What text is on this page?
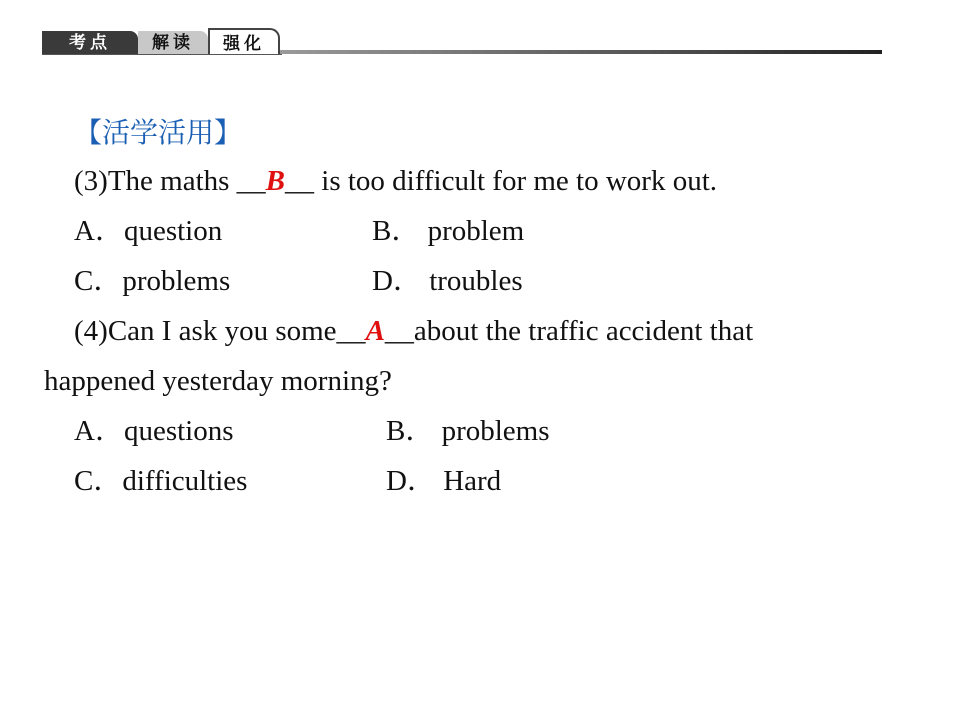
考点	解读	强化
【活学活用】
(3)The maths __B__ is too difficult for me to work out.
A．question	B． problem
C．problems	D． troubles
(4)Can I ask you some__A__about the traffic accident that
happened yesterday morning?
A．questions	B． problems
C．difficulties	D． Hard
